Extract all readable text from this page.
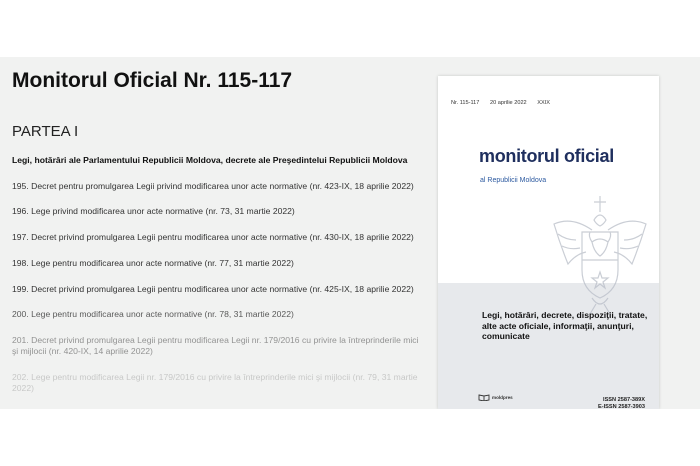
Monitorul Oficial Nr. 115-117
PARTEA I
Legi, hotărâri ale Parlamentului Republicii Moldova, decrete ale Preşedintelui Republicii Moldova
195. Decret pentru promulgarea Legii privind modificarea unor acte normative (nr. 423-IX, 18 aprilie 2022)
196. Lege privind modificarea unor acte normative (nr. 73, 31 martie 2022)
197. Decret privind promulgarea Legii pentru modificarea unor acte normative (nr. 430-IX, 18 aprilie 2022)
198. Lege pentru modificarea unor acte normative (nr. 77, 31 martie 2022)
199. Decret privind promulgarea Legii pentru modificarea unor acte normative (nr. 425-IX, 18 aprilie 2022)
200. Lege pentru modificarea unor acte normative (nr. 78, 31 martie 2022)
201. Decret privind promulgarea Legii pentru modificarea Legii nr. 179/2016 cu privire la întreprinderile mici şi mijlocii (nr. 420-IX, 14 aprilie 2022)
202. Lege pentru modificarea Legii nr. 179/2016 cu privire la întreprinderile mici şi mijlocii (nr. 79, 31 martie 2022)
Nr. 115-117 20 aprilie 2022 XXIX
monitorul oficial
al Republicii Moldova

Legi, hotărâri, decrete, dispoziţii, tratate, alte acte oficiale, informaţii, anunţuri, comunicate

moldpres	ISSN 2587-389X
E-ISSN 2587-3903
